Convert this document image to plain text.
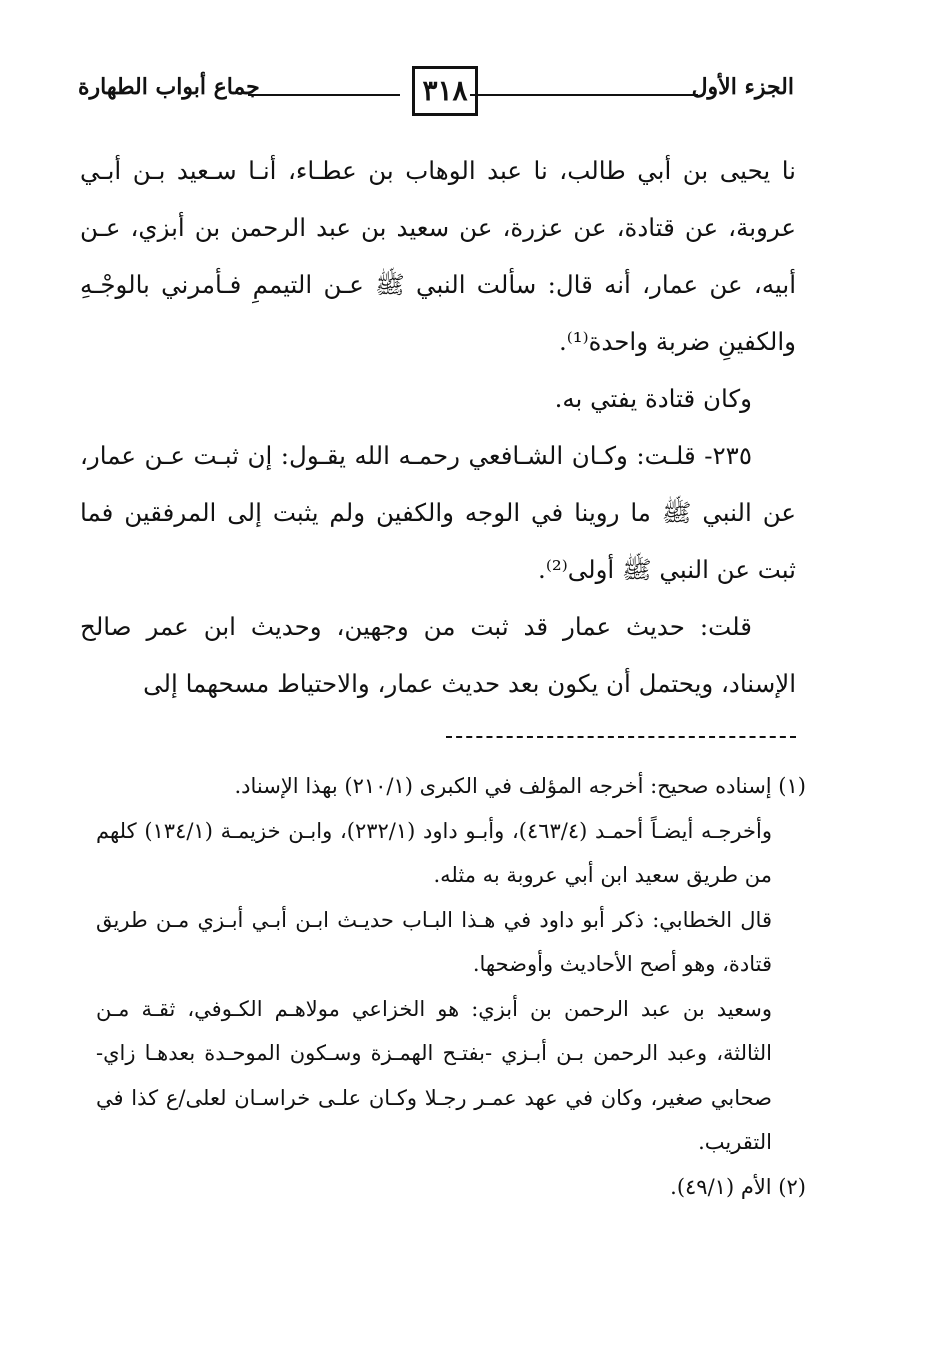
الجزء الأول
٣١٨
جماع أبواب الطهارة

نا يحيى بن أبي طالب، نا عبد الوهاب بن عطـاء، أنـا سـعيد بـن أبـي عروبة، عن قتادة، عن عزرة، عن سعيد بن عبد الرحمن بن أبزي، عـن أبيه، عن عمار، أنه قال: سألت النبي ﷺ عـن التيممِ فـأمرني بالوجْـهِ والكفينِ ضربة واحدة⁽¹⁾.

وكان قتادة يفتي به.

٢٣٥- قلـت: وكـان الشـافعي رحمـه الله يقـول: إن ثبـت عـن عمار، عن النبي ﷺ ما روينا في الوجه والكفين ولم يثبت إلى المرفقين فما ثبت عن النبي ﷺ أولى⁽²⁾.

قلت: حديث عمار قد ثبت من وجهين، وحديث ابن عمر صالح الإسناد، ويحتمل أن يكون بعد حديث عمار، والاحتياط مسحهما إلى

(١) إسناده صحيح: أخرجه المؤلف في الكبرى (٢١٠/١) بهذا الإسناد.

وأخرجـه أيضـاً أحمـد (٤٦٣/٤)، وأبـو داود (٢٣٢/١)، وابـن خزيمـة (١٣٤/١) كلهم من طريق سعيد ابن أبي عروبة به مثله.

قال الخطابي: ذكر أبو داود في هـذا البـاب حديـث ابـن أبـي أبـزي مـن طريق قتادة، وهو أصح الأحاديث وأوضحها.

وسعيد بن عبد الرحمن بن أبزي: هو الخزاعي مولاهـم الكـوفي، ثقـة مـن الثالثة، وعبد الرحمن بـن أبـزي -بفتـح الهمـزة وسـكون الموحـدة بعدهـا زاي- صحابي صغير، وكان في عهد عمـر رجـلا وكـان علـى خراسـان لعلى/ع كذا في التقريب.

(٢) الأم (٤٩/١).
